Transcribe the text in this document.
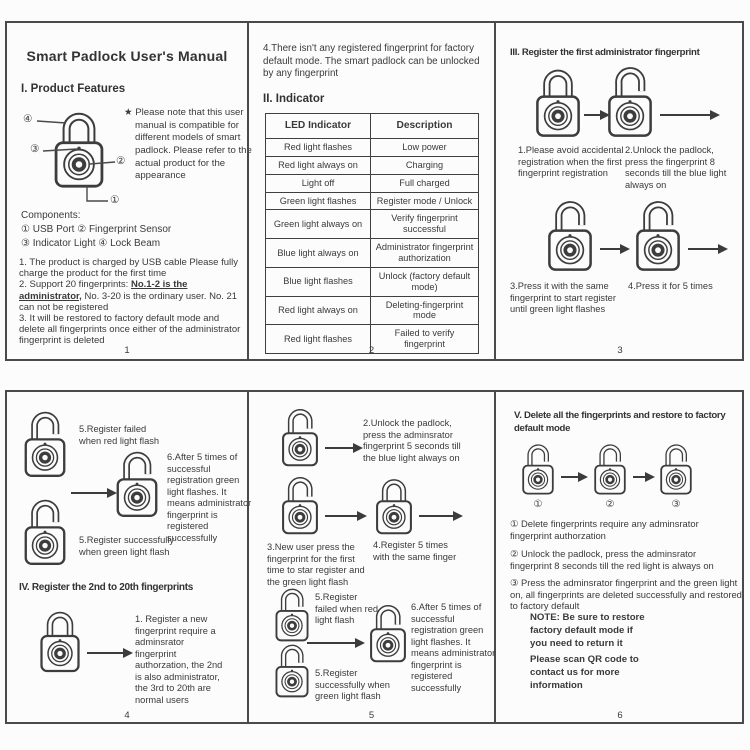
Smart Padlock User's Manual
I. Product Features
④
③
②
①
★ Please note that this user manual is compatible for different models of smart padlock. Please refer to the actual product for the appearance
Components:
① USB Port ② Fingerprint Sensor
③ Indicator Light ④ Lock Beam
1. The product is charged by USB cable Please fully charge the product for the first time
2. Support 20 fingerprints: No.1-2 is the administrator, No. 3-20 is the ordinary user. No. 21 can not be registered
3. It will be restored to factory default mode and delete all fingerprints once either of the administrator fingerprint is deleted
1
4.There isn't any registered fingerprint for factory default mode. The smart padlock can be unlocked by any fingerprint
II. Indicator
LED Indicator	Description
Red light flashes	Low power
Red light always on	Charging
Light off	Full charged
Green light flashes	Register mode / Unlock
Green light always on	Verify fingerprint successful
Blue light always on	Administrator fingerprint authorization
Blue light flashes	Unlock (factory default mode)
Red light always on	Deleting-fingerprint mode
Red light flashes	Failed to verify fingerprint
2
III. Register the first administrator fingerprint
1.Please avoid accidental registration when the first fingerprint registration
2.Unlock the padlock, press the fingerprint 8 seconds till the blue light always on
3.Press it with the same fingerprint to start register until green light flashes
4.Press it for 5 times
3
5.Register failed when red light flash
6.After 5 times of successful registration green light flashes. It means administrator fingerprint is registered successfully
5.Register successfully when green light flash
IV. Register the 2nd to 20th fingerprints
1. Register a new fingerprint require a adminsrator fingerprint authorzation, the 2nd is also administrator, the 3rd to 20th are normal users
4
2.Unlock the padlock, press the adminsrator fingerprint 5 seconds till the blue light always on
3.New user press the fingerprint for the first time to star register and the green light flash
4.Register 5 times with the same finger
5.Register failed when red light flash
6.After 5 times of successful registration green light flashes. It means administrator fingerprint is registered successfully
5.Register successfully when green light flash
5
V. Delete all the fingerprints and restore to factory default mode
①	②	③
① Delete fingerprints require any adminsrator fingerprint authorzation
② Unlock the padlock, press the adminsrator fingerprint 8 seconds till the red light is always on
③ Press the adminsrator fingerprint and the green light on, all fingerprints are deleted successfully and restored to factory default
NOTE: Be sure to restore factory default mode if you need to return it
Please scan QR code to contact us for more information
6
